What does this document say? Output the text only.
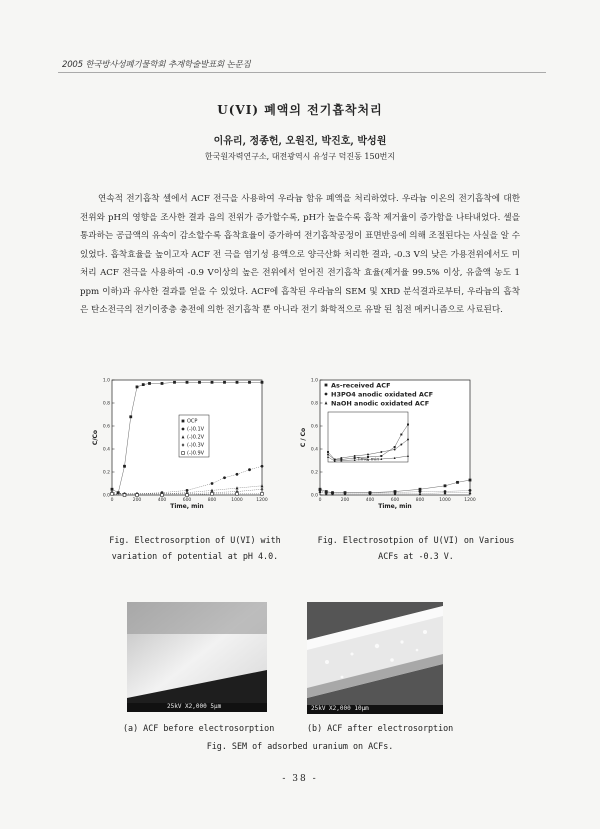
2005 한국방사성폐기물학회 추계학술발표회 논문집
U(VI) 폐액의 전기흡착처리
이유리, 정종헌, 오원진, 박진호, 박성원
한국원자력연구소, 대전광역시 유성구 덕진동 150번지

연속적 전기흡착 셀에서 ACF 전극을 사용하여 우라늄 함유 폐액을 처리하였다. 우라늄 이온의 전기흡착에 대한 전위와 pH의 영향을 조사한 결과 음의 전위가 증가할수록, pH가 높을수록 흡착 제거율이 증가함을 나타내었다. 셀을 통과하는 공급액의 유속이 감소할수록 흡착효율이 증가하여 전기흡착공정이 표면반응에 의해 조절된다는 사실을 알 수 있었다. 흡착효율을 높이고자 ACF 전 극을 염기성 용액으로 양극산화 처리한 결과, -0.3 V의 낮은 가용전위에서도 미처리 ACF 전극을 사용하여 -0.9 V이상의 높은 전위에서 얻어진 전기흡착 효율(제거율 99.5% 이상, 유출액 농도 1 ppm 이하)과 유사한 결과를 얻을 수 있었다. ACF에 흡착된 우라늄의 SEM 및 XRD 분석결과로부터, 우라늄의 흡착은 탄소전극의 전기이중층 충전에 의한 전기흡착 뿐 아니라 전기 화학적으로 유발 된 침전 메커니즘으로 사료된다.

0	200	400	600	800	1000	1200
0.0
0.2
0.4
0.6
0.8
1.0
Time, min
C/Co
OCP
(-)0.1V
(-)0.2V
(-)0.3V
(-)0.9V
0	200	400	600	800	1000	1200
0.0
0.2
0.4
0.6
0.8
1.0
Time, min
C / Co
As-received ACF
H3PO4 anodic oxidated ACF
NaOH anodic oxidated ACF
Time, min
Fig. Electrosorption of U(VI) with variation of potential at pH 4.0.
Fig. Electrosotpion of U(VI) on Various ACFs at -0.3 V.
25kV X2,000 5μm	25kV X2,000 10μm
(a) ACF before electrosorption	(b) ACF after electrosorption
Fig. SEM of adsorbed uranium on ACFs.
- 38 -
